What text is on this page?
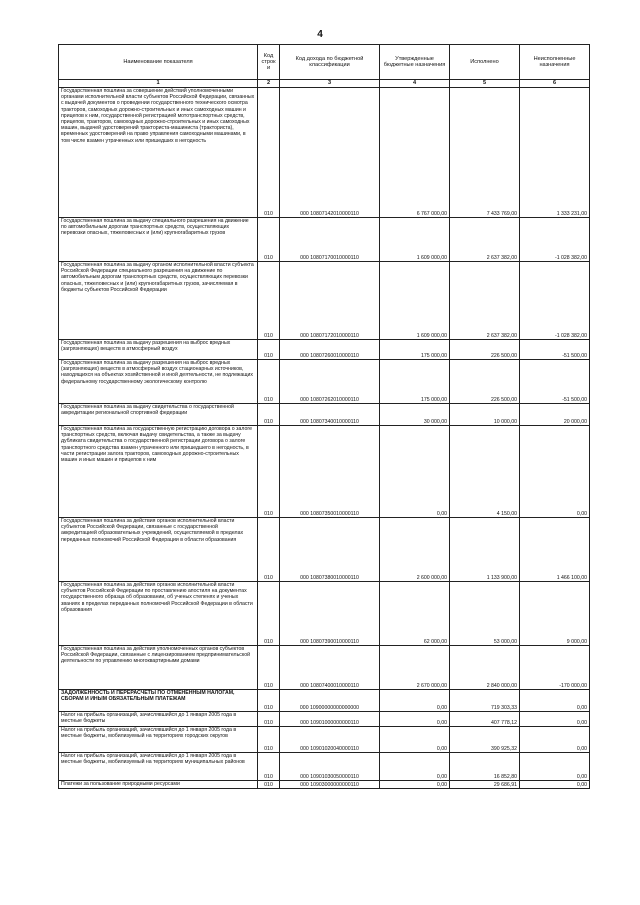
4
Наименование показателя	Код строк и	Код дохода по бюджетной классификации	Утвержденные бюджетные назначения	Исполнено	Неисполненные назначения
1	2	3	4	5	6
Государственная пошлина за совершение действий уполномоченными органами исполнительной власти субъектов Российской Федерации, связанных с выдачей документов о проведении государственного технического осмотра тракторов, самоходных дорожно-строительных и иных самоходных машин и прицепов к ним, государственной регистрацией мототранспортных средств, прицепов, тракторов, самоходных дорожно-строительных и иных самоходных машин, выдачей удостоверений тракториста-машиниста (тракториста), временных удостоверений на право управления самоходными машинами, в том числе взамен утраченных или пришедших в негодность	010	000 10807142010000110	6 767 000,00	7 433 769,00	1 333 231,00
Государственная пошлина за выдачу специального разрешения на движение по автомобильным дорогам транспортных средств, осуществляющих перевозки опасных, тяжеловесных и (или) крупногабаритных грузов	010	000 10807170010000110	1 609 000,00	2 637 382,00	-1 028 382,00
Государственная пошлина за выдачу органом исполнительной власти субъекта Российской Федерации специального разрешения на движение по автомобильным дорогам транспортных средств, осуществляющих перевозки опасных, тяжеловесных и (или) крупногабаритных грузов, зачисляемая в бюджеты субъектов Российской Федерации	010	000 10807172010000110	1 609 000,00	2 637 382,00	-1 028 382,00
Государственная пошлина за выдачу разрешения на выброс вредных (загрязняющих) веществ в атмосферный воздух	010	000 10807260010000110	175 000,00	226 500,00	-51 500,00
Государственная пошлина за выдачу разрешения на выброс вредных (загрязняющих) веществ в атмосферный воздух стационарных источников, находящихся на объектах хозяйственной и иной деятельности, не подлежащих федеральному государственному экологическому контролю	010	000 10807262010000110	175 000,00	226 500,00	-51 500,00
Государственная пошлина за выдачу свидетельства о государственной аккредитации региональной спортивной федерации	010	000 10807340010000110	30 000,00	10 000,00	20 000,00
Государственная пошлина за государственную регистрацию договора о залоге транспортных средств, включая выдачу свидетельства, а также за выдачу дубликата свидетельства о государственной регистрации договора о залоге транспортного средства взамен утраченного или пришедшего в негодность, в части регистрации залога тракторов, самоходных дорожно-строительных машин и иных машин и прицепов к ним	010	000 10807350010000110	0,00	4 150,00	0,00
Государственная пошлина за действия органов исполнительной власти субъектов Российской Федерации, связанные с государственной аккредитацией образовательных учреждений, осуществляемой в пределах переданных полномочий Российской Федерации в области образования	010	000 10807380010000110	2 600 000,00	1 133 900,00	1 466 100,00
Государственная пошлина за действия органов исполнительной власти субъектов Российской Федерации по проставлению апостиля на документах государственного образца об образовании, об ученых степенях и ученых званиях в пределах переданных полномочий Российской Федерации в области образования	010	000 10807390010000110	62 000,00	53 000,00	9 000,00
Государственная пошлина за действия уполномоченных органов субъектов Российской Федерации, связанные с лицензированием предпринимательской деятельности по управлению многоквартирными домами	010	000 10807400010000110	2 670 000,00	2 840 000,00	-170 000,00
ЗАДОЛЖЕННОСТЬ И ПЕРЕРАСЧЕТЫ ПО ОТМЕНЕННЫМ НАЛОГАМ, СБОРАМ И ИНЫМ ОБЯЗАТЕЛЬНЫМ ПЛАТЕЖАМ	010	000 10900000000000000	0,00	719 303,33	0,00
Налог на прибыль организаций, зачислявшийся до 1 января 2005 года в местные бюджеты	010	000 10901000000000110	0,00	407 778,12	0,00
Налог на прибыль организаций, зачислявшийся до 1 января 2005 года в местные бюджеты, мобилизуемый на территориях городских округов	010	000 10901020040000110	0,00	390 925,32	0,00
Налог на прибыль организаций, зачислявшийся до 1 января 2005 года в местные бюджеты, мобилизуемый на территориях муниципальных районов	010	000 10901030050000110	0,00	16 852,80	0,00
Платежи за пользование природными ресурсами	010	000 10903000000000110	0,00	29 686,91	0,00
